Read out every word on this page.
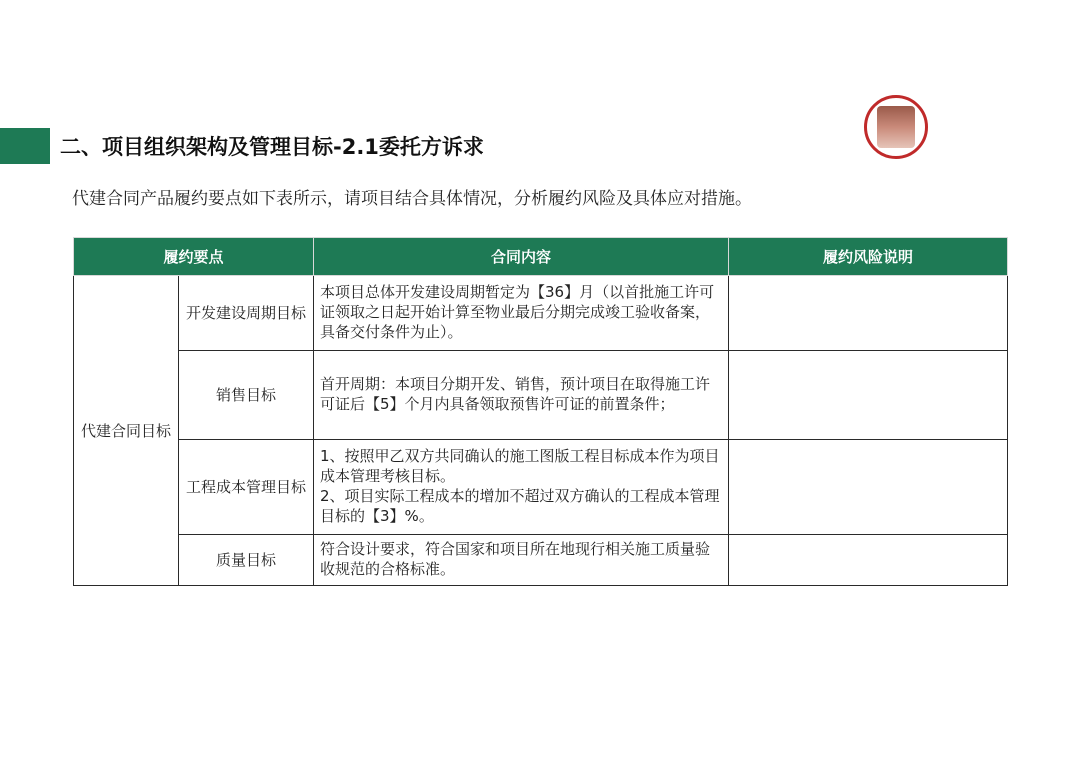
二、项目组织架构及管理目标-2.1委托方诉求
代建合同产品履约要点如下表所示，请项目结合具体情况，分析履约风险及具体应对措施。
履约要点		合同内容	履约风险说明
代建合同目标	开发建设周期目标	本项目总体开发建设周期暂定为【36】月（以首批施工许可证领取之日起开始计算至物业最后分期完成竣工验收备案，具备交付条件为止）。	
	销售目标	首开周期：本项目分期开发、销售，预计项目在取得施工许可证后【5】个月内具备领取预售许可证的前置条件；	
	工程成本管理目标	1、按照甲乙双方共同确认的施工图版工程目标成本作为项目成本管理考核目标。
2、项目实际工程成本的增加不超过双方确认的工程成本管理目标的【3】%。	

	质量目标	符合设计要求，符合国家和项目所在地现行相关施工质量验收规范的合格标准。	
